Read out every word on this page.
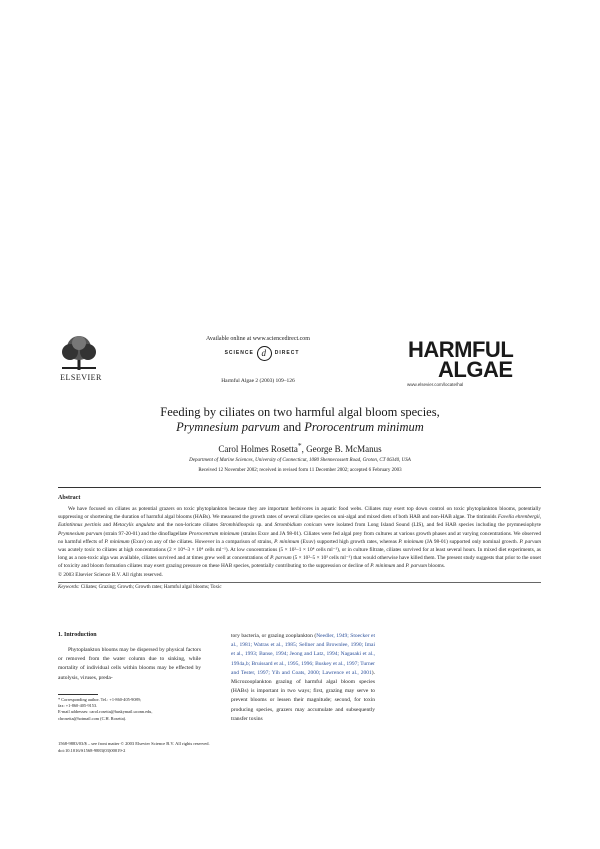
ELSEVIER
Available online at www.sciencedirect.com
SCIENCE d	DIRECT
Harmful Algae 2 (2003) 109–126
HARMFUL
ALGAE
www.elsevier.com/locate/hal
Feeding by ciliates on two harmful algal bloom species,
Prymnesium parvum and Prorocentrum minimum
Carol Holmes Rosetta*, George B. McManus
Department of Marine Sciences, University of Connecticut, 1080 Shennecossett Road, Groton, CT 06340, USA
Received 12 November 2002; received in revised form 11 December 2002; accepted 6 February 2003
Abstract
We have focused on ciliates as potential grazers on toxic phytoplankton because they are important herbivores in aquatic food webs. Ciliates may exert top down control on toxic phytoplankton blooms, potentially suppressing or shortening the duration of harmful algal blooms (HABs). We measured the growth rates of several ciliate species on uni-algal and mixed diets of both HAB and non-HAB algae. The tintinnids Favella ehrenbergii, Eutintinnus pectinis and Metacylis angulata and the non-loricate ciliates Strombidinopsis sp. and Strombidium conicum were isolated from Long Island Sound (LIS), and fed HAB species including the prymnesiophyte Prymnesium parvum (strain 97-20-01) and the dinoflagellate Prorocentrum minimum (strains Exuv and JA 98-01). Ciliates were fed algal prey from cultures at various growth phases and at varying concentrations. We observed no harmful effects of P. minimum (Exuv) on any of the ciliates. However in a comparison of strains, P. minimum (Exuv) supported high growth rates, whereas P. minimum (JA 98-01) supported only nominal growth. P. parvum was acutely toxic to ciliates at high concentrations (2 × 10⁴–3 × 10⁴ cells ml⁻¹). At low concentrations (5 × 10²–1 × 10⁴ cells ml⁻¹), or in culture filtrate, ciliates survived for at least several hours. In mixed diet experiments, as long as a non-toxic alga was available, ciliates survived and at times grew well at concentrations of P. parvum (5 × 10²–5 × 10³ cells ml⁻¹) that would otherwise have killed them. The present study suggests that prior to the onset of toxicity and bloom formation ciliates may exert grazing pressure on these HAB species, potentially contributing to the suppression or decline of P. minimum and P. parvum blooms.
© 2003 Elsevier Science B.V. All rights reserved.
Keywords: Ciliates; Grazing; Growth; Growth rates; Harmful algal blooms; Toxic
1. Introduction
Phytoplankton blooms may be dispersed by physical factors or removed from the water column due to sinking, while mortality of individual cells within blooms may be effected by autolysis, viruses, preda-
tory bacteria, or grazing zooplankton (Needler, 1949; Stoecker et al., 1981; Watras et al., 1985; Sellner and Brownlee, 1990; Imai et al., 1993; Banse, 1994; Jeong and Latz, 1994; Nagasaki et al., 1994a,b; Bruissard et al., 1995, 1996; Buskey et al., 1997; Turner and Tester, 1997; Yih and Coats, 2000; Lawrence et al., 2001). Microzooplankton grazing of harmful algal bloom species (HABs) is important in two ways; first, grazing may serve to prevent blooms or lessen their magnitude; second, for toxin producing species, grazers may accumulate and subsequently transfer toxins
* Corresponding author. Tel.: +1-860-405-9089;
fax: +1-860-405-9153.
E-mail addresses: carol.rosetta@huskymail.uconn.edu,
chrosetta@hotmail.com (C.H. Rosetta).
1568-9883/03/$ – see front matter © 2003 Elsevier Science B.V. All rights reserved.
doi:10.1016/S1568-9883(03)00019-2
